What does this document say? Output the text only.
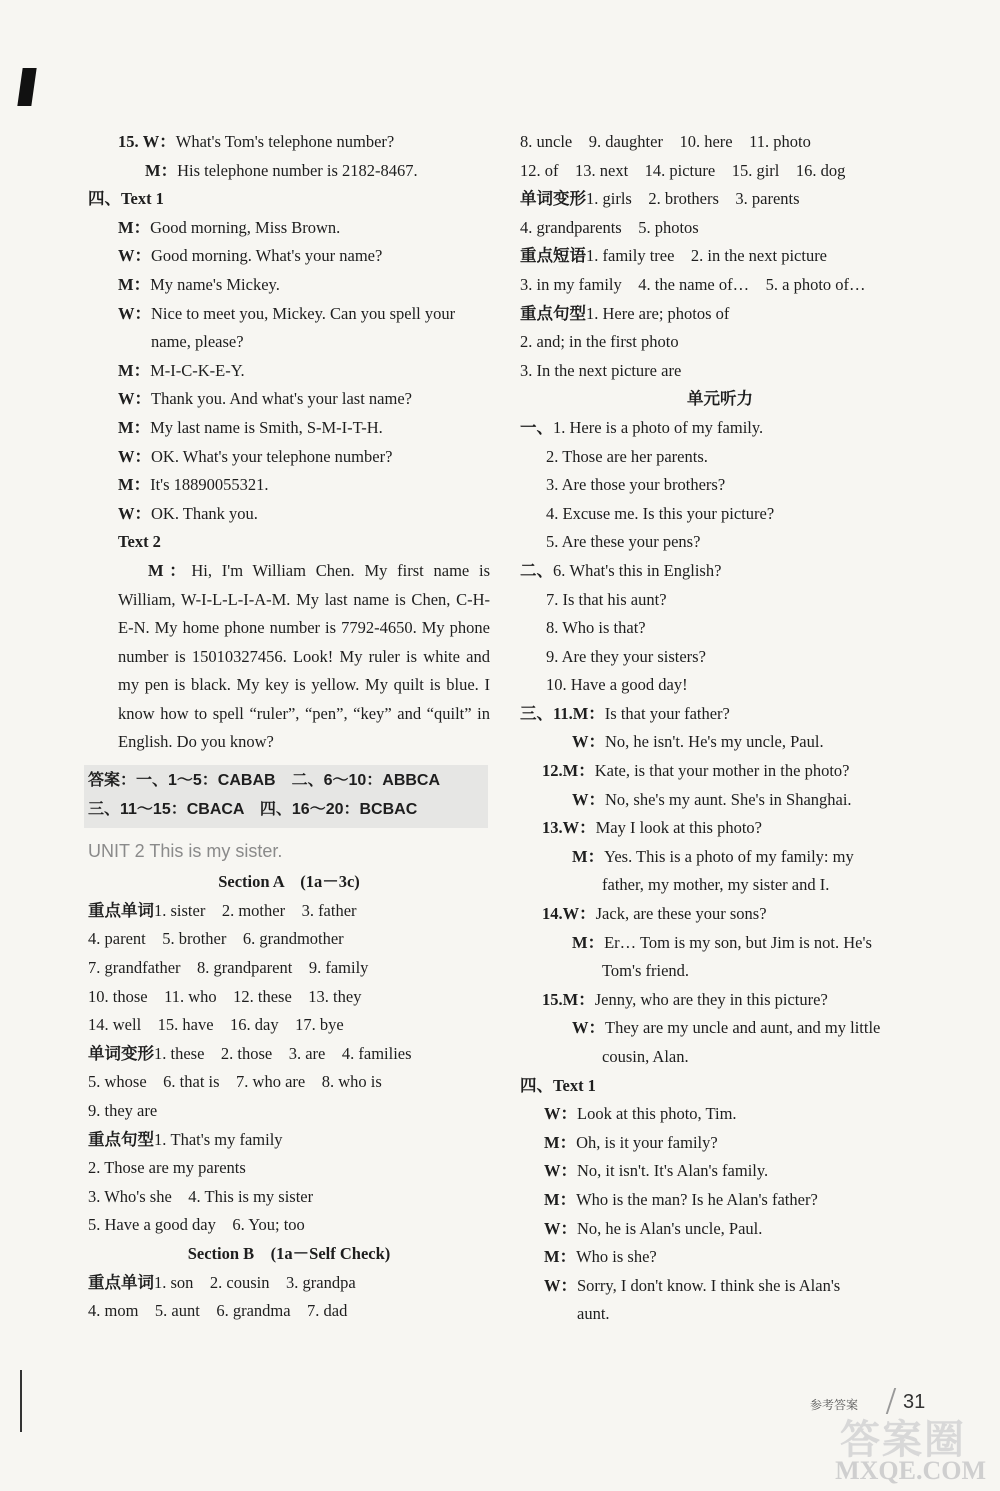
15. W：What's Tom's telephone number?
M：His telephone number is 2182-8467.
四、Text 1
M：Good morning, Miss Brown.
W：Good morning. What's your name?
M：My name's Mickey.
W：Nice to meet you, Mickey. Can you spell your
name, please?
M：M-I-C-K-E-Y.
W：Thank you. And what's your last name?
M：My last name is Smith, S-M-I-T-H.
W：OK. What's your telephone number?
M：It's 18890055321.
W：OK. Thank you.
Text 2
M：Hi, I'm William Chen. My first name is William, W-I-L-L-I-A-M. My last name is Chen, C-H-E-N. My home phone number is 7792-4650. My phone number is 15010327456. Look! My ruler is white and my pen is black. My key is yellow. My quilt is blue. I know how to spell “ruler”, “pen”, “key” and “quilt” in English. Do you know?
答案：一、1～5：CABAB　二、6～10：ABBCA
三、11～15：CBACA　四、16～20：BCBAC
UNIT 2 This is my sister.
Section A　(1a－3c)
重点单词1. sister　2. mother　3. father
4. parent　5. brother　6. grandmother
7. grandfather　8. grandparent　9. family
10. those　11. who　12. these　13. they
14. well　15. have　16. day　17. bye
单词变形1. these　2. those　3. are　4. families
5. whose　6. that is　7. who are　8. who is
9. they are
重点句型1. That's my family
2. Those are my parents
3. Who's she　4. This is my sister
5. Have a good day　6. You; too
Section B　(1a－Self Check)
重点单词1. son　2. cousin　3. grandpa
4. mom　5. aunt　6. grandma　7. dad
8. uncle　9. daughter　10. here　11. photo
12. of　13. next　14. picture　15. girl　16. dog
单词变形1. girls　2. brothers　3. parents
4. grandparents　5. photos
重点短语1. family tree　2. in the next picture
3. in my family　4. the name of…　5. a photo of…
重点句型1. Here are; photos of
2. and; in the first photo
3. In the next picture are
单元听力
一、1. Here is a photo of my family.
2. Those are her parents.
3. Are those your brothers?
4. Excuse me. Is this your picture?
5. Are these your pens?
二、6. What's this in English?
7. Is that his aunt?
8. Who is that?
9. Are they your sisters?
10. Have a good day!
三、11.M：Is that your father?
W：No, he isn't. He's my uncle, Paul.
12.M：Kate, is that your mother in the photo?
W：No, she's my aunt. She's in Shanghai.
13.W：May I look at this photo?
M：Yes. This is a photo of my family: my
father, my mother, my sister and I.
14.W：Jack, are these your sons?
M：Er… Tom is my son, but Jim is not. He's
Tom's friend.
15.M：Jenny, who are they in this picture?
W：They are my uncle and aunt, and my little
cousin, Alan.
四、Text 1
W：Look at this photo, Tim.
M：Oh, is it your family?
W：No, it isn't. It's Alan's family.
M：Who is the man? Is he Alan's father?
W：No, he is Alan's uncle, Paul.
M：Who is she?
W：Sorry, I don't know. I think she is Alan's
aunt.
参考答案 31
答案圈
MXQE.COM
